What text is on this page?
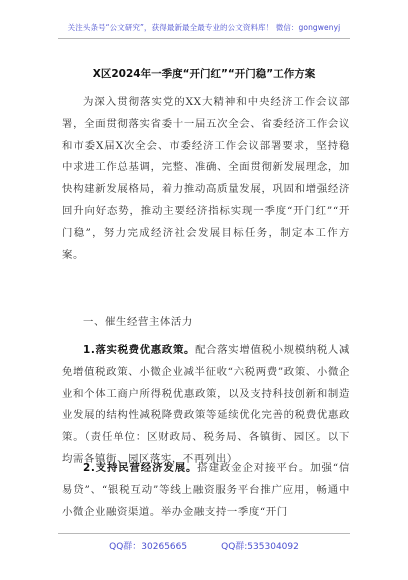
关注头条号“公文研究”，获得最新最全最专业的公文资料库！ 微信：gongwenyj
X区2024年一季度“开门红”“开门稳”工作方案
为深入贯彻落实党的XX大精神和中央经济工作会议部署，全面贯彻落实省委十一届五次全会、省委经济工作会议和市委X届X次全会、市委经济工作会议部署要求，坚持稳中求进工作总基调，完整、准确、全面贯彻新发展理念，加快构建新发展格局，着力推动高质量发展，巩固和增强经济回升向好态势，推动主要经济指标实现一季度“开门红”“开门稳”，努力完成经济社会发展目标任务，制定本工作方案。
一、催生经营主体活力
1.落实税费优惠政策。配合落实增值税小规模纳税人减免增值税政策、小微企业减半征收“六税两费”政策、小微企业和个体工商户所得税优惠政策，以及支持科技创新和制造业发展的结构性减税降费政策等延续优化完善的税费优惠政策。（责任单位：区财政局、税务局、各镇街、园区。以下均需各镇街、园区落实，不再列出）
2.支持民营经济发展。搭建政金企对接平台。加强“信易贷”、“银税互动”等线上融资服务平台推广应用，畅通中小微企业融资渠道。举办金融支持一季度“开门
QQ群：30265665	QQ群:535304092
